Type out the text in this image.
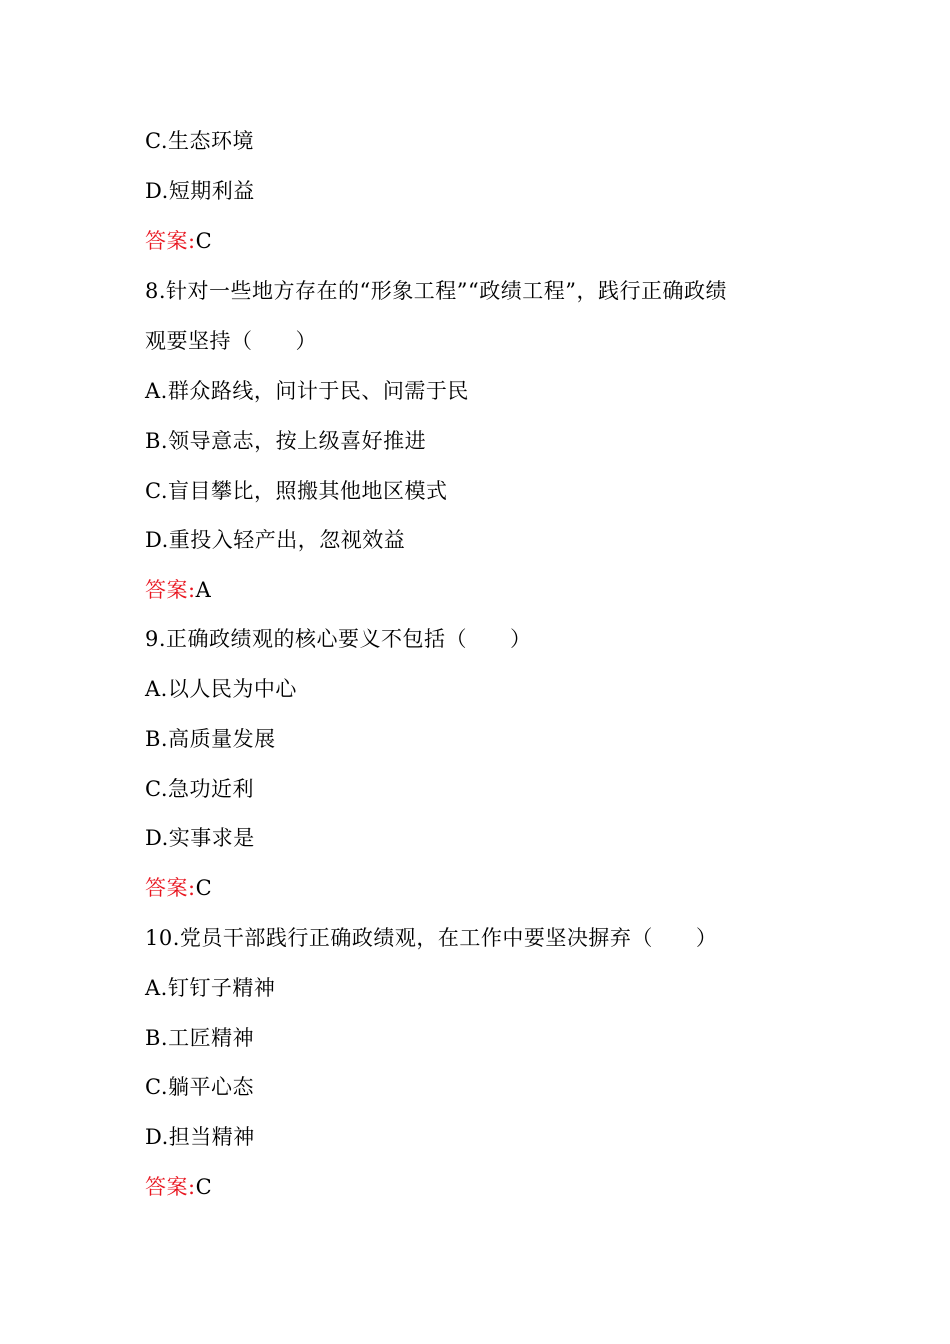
C.生态环境
D.短期利益
答案:C
8.针对一些地方存在的“形象工程”“政绩工程”，践行正确政绩
观要坚持（　　）
A.群众路线，问计于民、问需于民
B.领导意志，按上级喜好推进
C.盲目攀比，照搬其他地区模式
D.重投入轻产出，忽视效益
答案:A
9.正确政绩观的核心要义不包括（　　）
A.以人民为中心
B.高质量发展
C.急功近利
D.实事求是
答案:C
10.党员干部践行正确政绩观，在工作中要坚决摒弃（　　）
A.钉钉子精神
B.工匠精神
C.躺平心态
D.担当精神
答案:C
